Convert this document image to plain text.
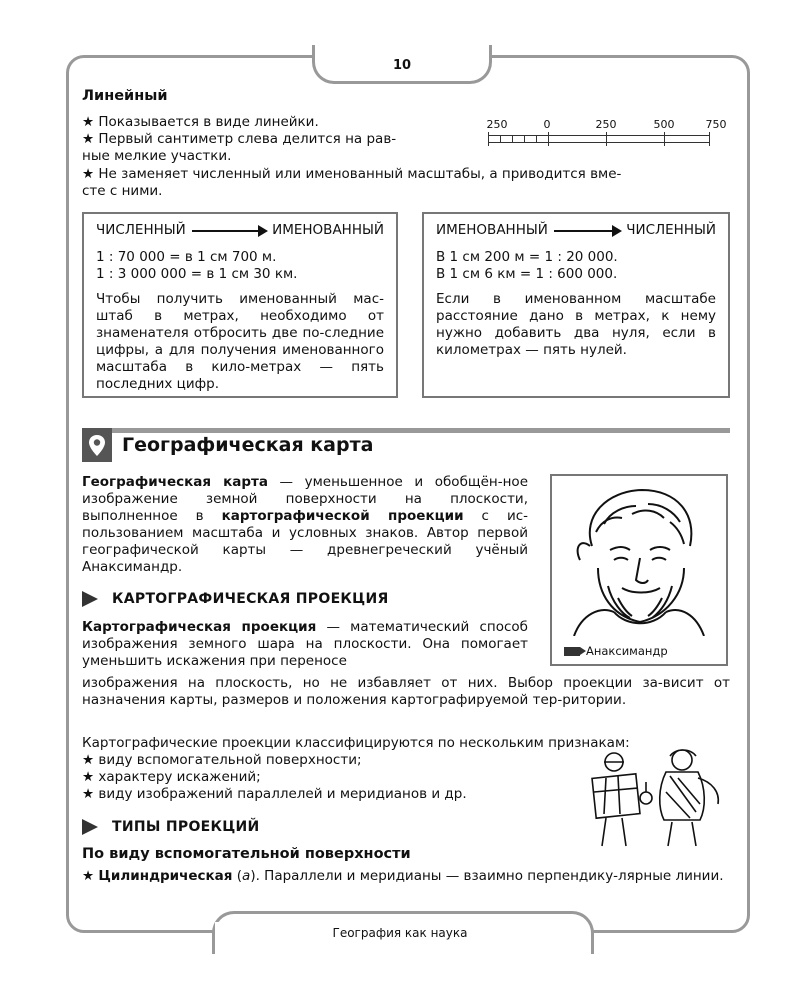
10
Линейный

★ Показывается в виде линейки.

★ Первый сантиметр слева делится на рав-

ные мелкие участки.

★ Не заменяет численный или именованный масштабы, а приводится вме-

сте с ними.

250	0	250	500	750
ЧИСЛЕННЫЙ	ИМЕНОВАННЫЙ
1 : 70 000 = в 1 см 700 м.
1 : 3 000 000 = в 1 см 30 км.
Чтобы получить именованный мас-штаб в метрах, необходимо от знаменателя отбросить две по-следние цифры, а для получения именованного масштаба в кило-метрах — пять последних цифр.
ИМЕНОВАННЫЙ	ЧИСЛЕННЫЙ
В 1 см 200 м = 1 : 20 000.
В 1 см 6 км = 1 : 600 000.
Если в именованном масштабе расстояние дано в метрах, к нему нужно добавить два нуля, если в километрах — пять нулей.
Географическая карта

Географическая карта — уменьшенное и обобщён-ное изображение земной поверхности на плоскости, выполненное в картографической проекции с ис-пользованием масштаба и условных знаков. Автор первой географической карты — древнегреческий учёный Анаксимандр.

Анаксимандр
КАРТОГРАФИЧЕСКАЯ ПРОЕКЦИЯ

Картографическая проекция — математический способ изображения земного шара на плоскости. Она помогает уменьшить искажения при переносе

изображения на плоскость, но не избавляет от них. Выбор проекции за-висит от назначения карты, размеров и положения картографируемой тер-ритории.

Картографические проекции классифицируются по нескольким признакам:

★ виду вспомогательной поверхности;

★ характеру искажений;

★ виду изображений параллелей и меридианов и др.

ТИПЫ ПРОЕКЦИЙ
По виду вспомогательной поверхности

★ Цилиндрическая (а). Параллели и меридианы — взаимно перпендику-лярные линии.

География как наука
